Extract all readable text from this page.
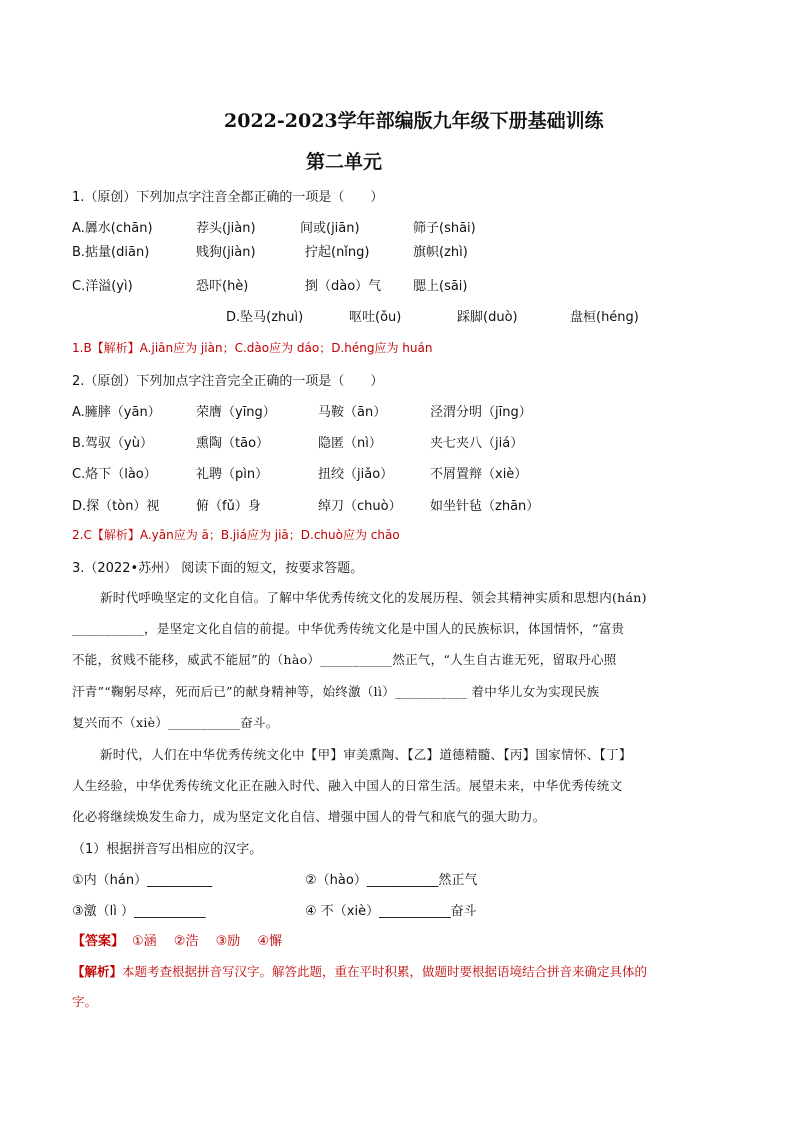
2022-2023学年部编版九年级下册基础训练
第二单元
1.（原创）下列加点字注音全都正确的一项是（　　）
A.羼水(chān)	荐头(jiàn)	间或(jiān)	筛子(shāi)
B.掂量(diān)	贱狗(jiàn)	拧起(nǐng)	旗帜(zhì)
C.洋溢(yì)	恐吓(hè)	捯（dào）气 腮上(sāi)
D.坠马(zhuì)	呕吐(ǒu)	踩脚(duò)	盘桓(héng)
1.B【解析】A.jiān应为 jiàn；C.dào应为 dáo；D.héng应为 huán
2.（原创）下列加点字注音完全正确的一项是（　　）
A.臃膟（yān）	荣膺（yīng）	马鞍（ān）	泾渭分明（jīng）
B.驾驭（yù）	熏陶（tāo）	隐匿（nì）	夹七夹八（jiá）
C.烙下（lào）	礼聘（pìn）	扭绞（jiǎo）	不屑置辩（xiè）
D.探（tòn）视	俯（fǔ）身	绰刀（chuò） 如坐针毡（zhān）
2.C【解析】A.yān应为 ā；B.jiá应为 jiā；D.chuò应为 chāo
3.（2022•苏州） 阅读下面的短文，按要求答题。
新时代呼唤坚定的文化自信。了解中华优秀传统文化的发展历程、领会其精神实质和思想内(hán)
___________，是坚定文化自信的前提。中华优秀传统文化是中国人的民族标识，体国情怀，“富贵
不能，贫贱不能移，威武不能屈”的（hào）___________然正气，“人生自古谁无死，留取丹心照
汗青”“鞠躬尽瘁，死而后已”的献身精神等，始终激（lì）___________ 着中华儿女为实现民族
复兴而不（xiè）___________奋斗。
新时代，人们在中华优秀传统文化中【甲】审美熏陶、【乙】道德精髓、【丙】国家情怀、【丁】
人生经验，中华优秀传统文化正在融入时代、融入中国人的日常生活。展望未来，中华优秀传统文
化必将继续焕发生命力，成为坚定文化自信、增强中国人的骨气和底气的强大助力。
（1）根据拼音写出相应的汉字。
①内（hán）__________	②（hào）___________然正气
③激（lì ）___________	④ 不（xiè）___________奋斗
【答案】 ①涵　 ②浩　 ③励　 ④懈
【解析】本题考查根据拼音写汉字。解答此题，重在平时积累，做题时要根据语境结合拼音来确定具体的
字。
